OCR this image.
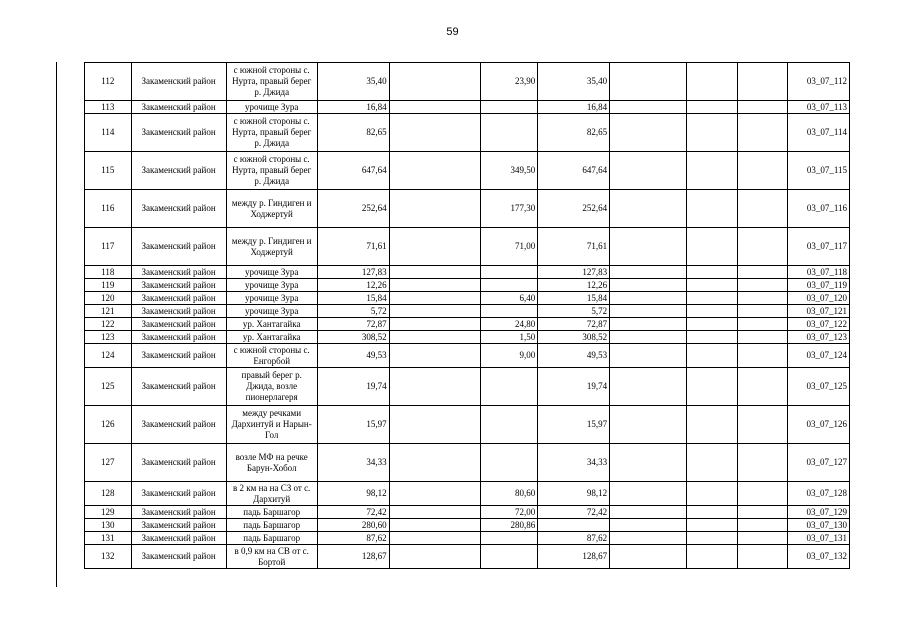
59
112	Закаменский район	с южной стороны с. Нурта, правый берег р. Джида	35,40		23,90	35,40				03_07_112
113	Закаменский район	урочище Зура	16,84			16,84				03_07_113
114	Закаменский район	с южной стороны с. Нурта, правый берег р. Джида	82,65			82,65				03_07_114
115	Закаменский район	с южной стороны с. Нурта, правый берег р. Джида	647,64		349,50	647,64				03_07_115
116	Закаменский район	между р. Гиндиген и Ходжертуй	252,64		177,30	252,64				03_07_116
117	Закаменский район	между р. Гиндиген и Ходжертуй	71,61		71,00	71,61				03_07_117
118	Закаменский район	урочище Зура	127,83			127,83				03_07_118
119	Закаменский район	урочище Зура	12,26			12,26				03_07_119
120	Закаменский район	урочище Зура	15,84		6,40	15,84				03_07_120
121	Закаменский район	урочище Зура	5,72			5,72				03_07_121
122	Закаменский район	ур. Хантагайка	72,87		24,80	72,87				03_07_122
123	Закаменский район	ур. Хантагайка	308,52		1,50	308,52				03_07_123
124	Закаменский район	с южной стороны с. Енгорбой	49,53		9,00	49,53				03_07_124
125	Закаменский район	правый берег р. Джида, возле пионерлагеря	19,74			19,74				03_07_125
126	Закаменский район	между речками Дархинтуй и Нарын-Гол	15,97			15,97				03_07_126
127	Закаменский район	возле МФ на речке Барун-Хобол	34,33			34,33				03_07_127
128	Закаменский район	в 2 км на на СЗ от с. Дархитуй	98,12		80,60	98,12				03_07_128
129	Закаменский район	падь Баршагор	72,42		72,00	72,42				03_07_129
130	Закаменский район	падь Баршагор	280,60		280,86					03_07_130
131	Закаменский район	падь Баршагор	87,62			87,62				03_07_131
132	Закаменский район	в 0,9 км на СВ от с. Бортой	128,67			128,67				03_07_132
